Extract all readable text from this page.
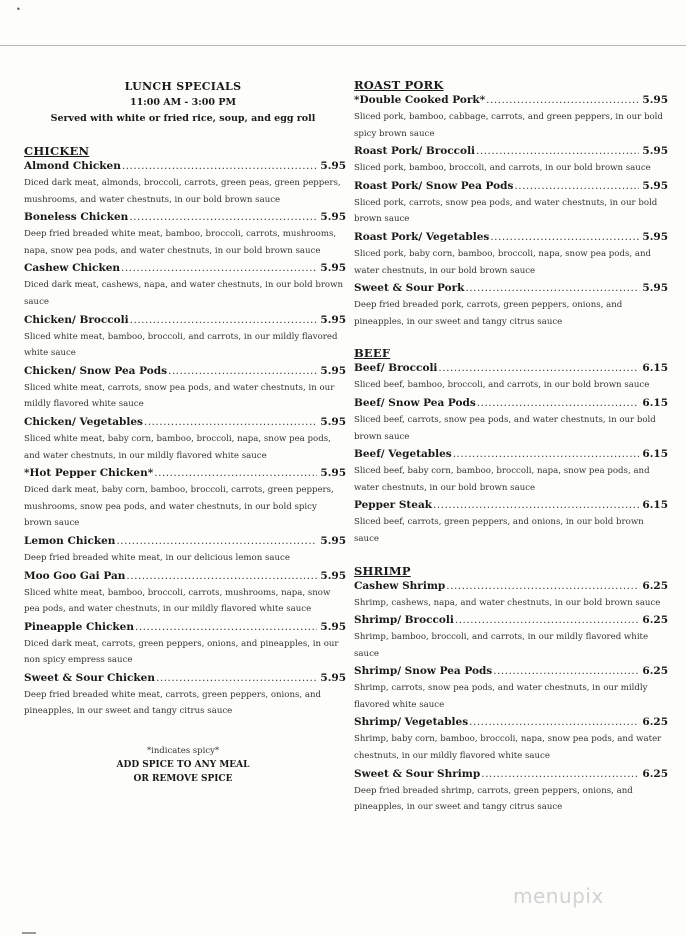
•
LUNCH SPECIALS
11:00 AM - 3:00 PM
Served with white or fried rice, soup, and egg roll
CHICKEN
Almond Chicken .....	5.95
Diced dark meat, almonds, broccoli, carrots, green peas, green peppers, mushrooms, and water chestnuts, in our bold brown sauce
Boneless Chicken .....	5.95
Deep fried breaded white meat, bamboo, broccoli, carrots, mushrooms, napa, snow pea pods, and water chestnuts, in our bold brown sauce
Cashew Chicken .....	5.95
Diced dark meat, cashews, napa, and water chestnuts, in our bold brown sauce
Chicken/ Broccoli .....	5.95
Sliced white meat, bamboo, broccoli, and carrots, in our mildly flavored white sauce
Chicken/ Snow Pea Pods .....	5.95
Sliced white meat, carrots, snow pea pods, and water chestnuts, in our mildly flavored white sauce
Chicken/ Vegetables .....	5.95
Sliced white meat, baby corn, bamboo, broccoli, napa, snow pea pods, and water chestnuts, in our mildly flavored white sauce
*Hot Pepper Chicken* .....	5.95
Diced dark meat, baby corn, bamboo, broccoli, carrots, green peppers, mushrooms, snow pea pods, and water chestnuts, in our bold spicy brown sauce
Lemon Chicken .....	5.95
Deep fried breaded white meat, in our delicious lemon sauce
Moo Goo Gai Pan .....	5.95
Sliced white meat, bamboo, broccoli, carrots, mushrooms, napa, snow pea pods, and water chestnuts, in our mildly flavored white sauce
Pineapple Chicken .....	5.95
Diced dark meat, carrots, green peppers, onions, and pineapples, in our non spicy empress sauce
Sweet & Sour Chicken .....	5.95
Deep fried breaded white meat, carrots, green peppers, onions, and pineapples, in our sweet and tangy citrus sauce
*indicates spicy*
ADD SPICE TO ANY MEAL
OR REMOVE SPICE
ROAST PORK
*Double Cooked Pork* .....	5.95
Sliced pork, bamboo, cabbage, carrots, and green peppers, in our bold spicy brown sauce
Roast Pork/ Broccoli .....	5.95
Sliced pork, bamboo, broccoli, and carrots, in our bold brown sauce
Roast Pork/ Snow Pea Pods .....	5.95
Sliced pork, carrots, snow pea pods, and water chestnuts, in our bold brown sauce
Roast Pork/ Vegetables .....	5.95
Sliced pork, baby corn, bamboo, broccoli, napa, snow pea pods, and water chestnuts, in our bold brown sauce
Sweet & Sour Pork .....	5.95
Deep fried breaded pork, carrots, green peppers, onions, and pineapples, in our sweet and tangy citrus sauce
BEEF
Beef/ Broccoli .....	6.15
Sliced beef, bamboo, broccoli, and carrots, in our bold brown sauce
Beef/ Snow Pea Pods .....	6.15
Sliced beef, carrots, snow pea pods, and water chestnuts, in our bold brown sauce
Beef/ Vegetables .....	6.15
Sliced beef, baby corn, bamboo, broccoli, napa, snow pea pods, and water chestnuts, in our bold brown sauce
Pepper Steak .....	6.15
Sliced beef, carrots, green peppers, and onions, in our bold brown sauce
SHRIMP
Cashew Shrimp .....	6.25
Shrimp, cashews, napa, and water chestnuts, in our bold brown sauce
Shrimp/ Broccoli .....	6.25
Shrimp, bamboo, broccoli, and carrots, in our mildly flavored white sauce
Shrimp/ Snow Pea Pods .....	6.25
Shrimp, carrots, snow pea pods, and water chestnuts, in our mildly flavored white sauce
Shrimp/ Vegetables .....	6.25
Shrimp, baby corn, bamboo, broccoli, napa, snow pea pods, and water chestnuts, in our mildly flavored white sauce
Sweet & Sour Shrimp .....	6.25
Deep fried breaded shrimp, carrots, green peppers, onions, and pineapples, in our sweet and tangy citrus sauce
menupix
